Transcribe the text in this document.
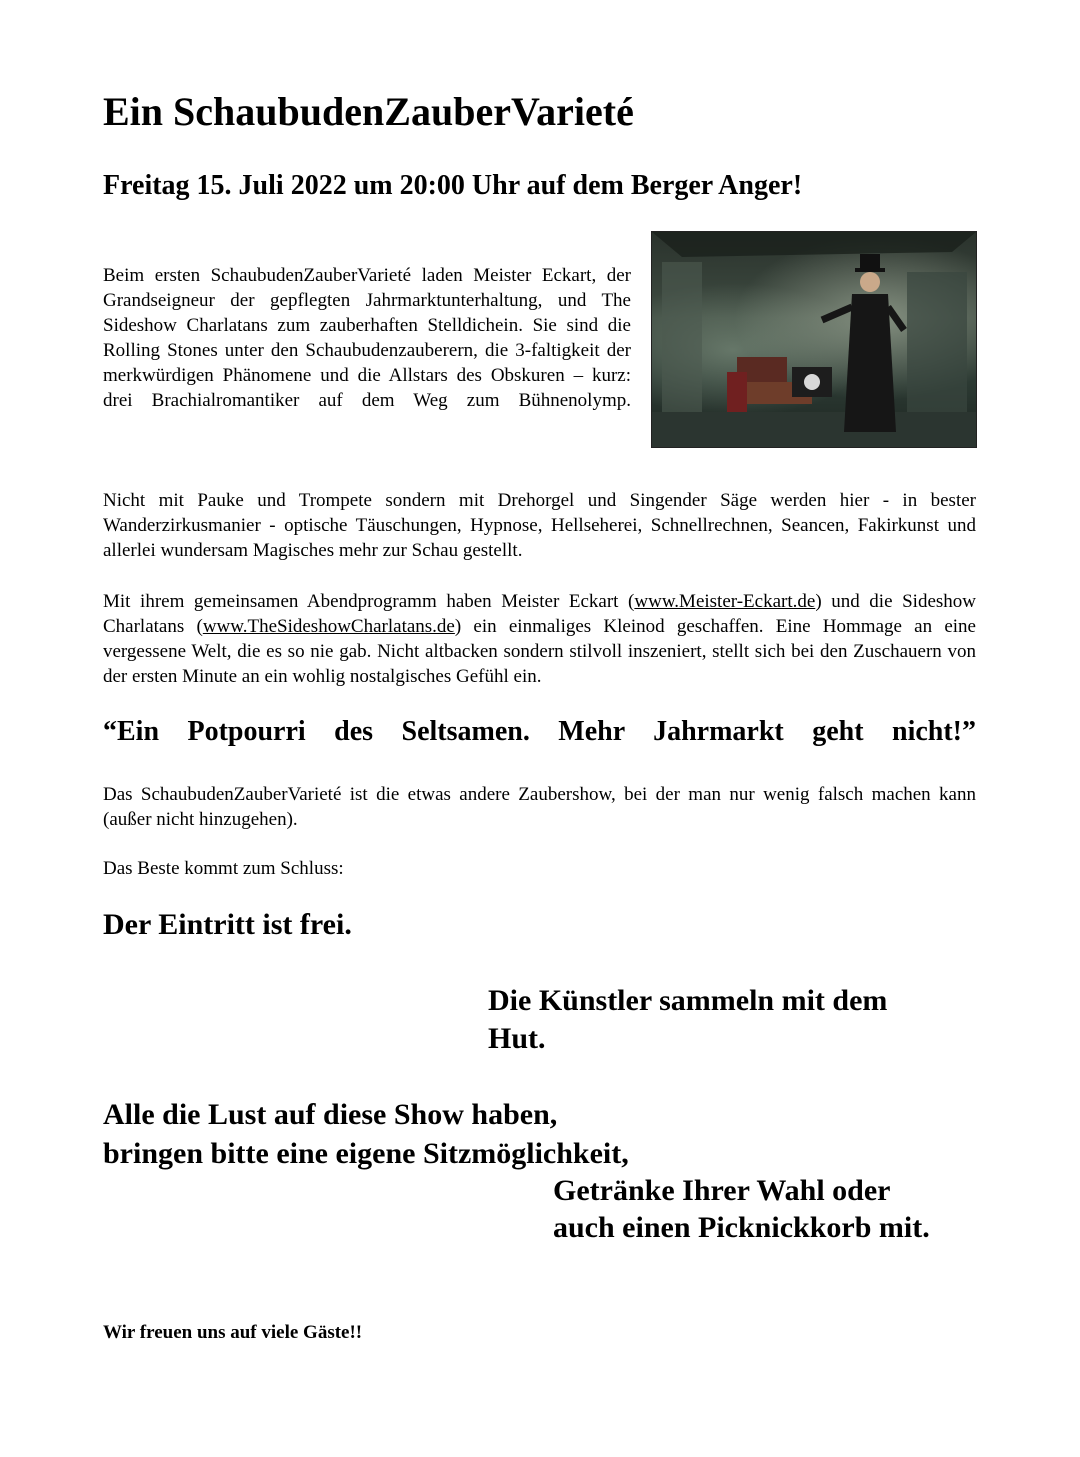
Ein SchaubudenZauberVarieté
Freitag 15. Juli 2022 um 20:00 Uhr auf dem Berger Anger!

Beim ersten SchaubudenZauberVarieté laden Meister Eckart, der Grandseigneur der gepflegten Jahrmarktunterhaltung, und The Sideshow Charlatans zum zauberhaften Stelldichein. Sie sind die Rolling Stones unter den Schaubudenzauberern, die 3-faltigkeit der merkwürdigen Phänomene und die Allstars des Obskuren – kurz: drei Brachialromantiker auf dem Weg zum Bühnenolymp.

Nicht mit Pauke und Trompete sondern mit Drehorgel und Singender Säge werden hier - in bester Wanderzirkusmanier - optische Täuschungen, Hypnose, Hellseherei, Schnellrechnen, Seancen, Fakirkunst und allerlei wundersam Magisches mehr zur Schau gestellt.

Mit ihrem gemeinsamen Abendprogramm haben Meister Eckart (www.Meister-Eckart.de) und die Sideshow Charlatans (www.TheSideshowCharlatans.de) ein einmaliges Kleinod geschaffen. Eine Hommage an eine vergessene Welt, die es so nie gab. Nicht altbacken sondern stilvoll inszeniert, stellt sich bei den Zuschauern von der ersten Minute an ein wohlig nostalgisches Gefühl ein.

“Ein Potpourri des Seltsamen. Mehr Jahrmarkt geht nicht!”

Das SchaubudenZauberVarieté ist die etwas andere Zaubershow, bei der man nur wenig falsch machen kann (außer nicht hinzugehen).

Das Beste kommt zum Schluss:

Der Eintritt ist frei.

Die Künstler sammeln mit dem

Hut.

Alle die Lust auf diese Show haben,

bringen bitte eine eigene Sitzmöglichkeit,

Getränke Ihrer Wahl oder

auch einen Picknickkorb mit.

Wir freuen uns auf viele Gäste!!
